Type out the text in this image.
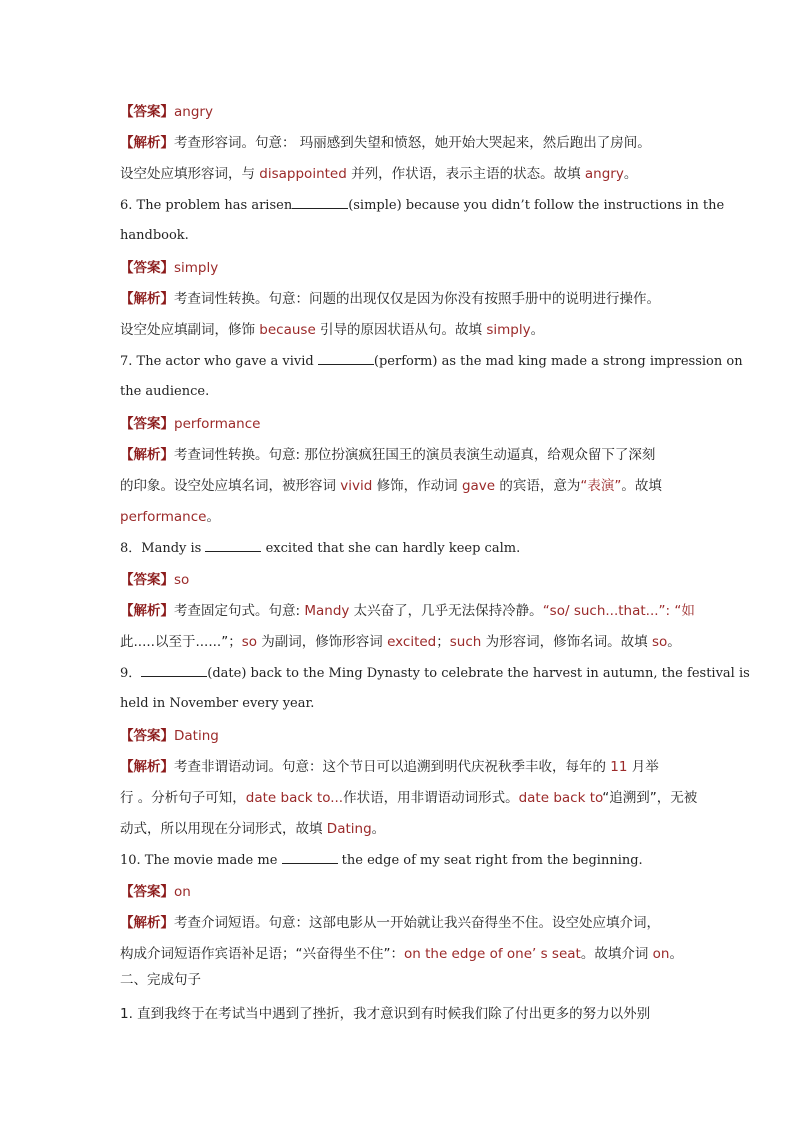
【答案】angry
【解析】考查形容词。句意： 玛丽感到失望和愤怒，她开始大哭起来，然后跑出了房间。
设空处应填形容词，与 disappointed 并列，作状语，表示主语的状态。故填 angry。
6. The problem has arisen	(simple) because you didn’t follow the instructions in the
handbook.
【答案】simply
【解析】考查词性转换。句意：问题的出现仅仅是因为你没有按照手册中的说明进行操作。
设空处应填副词，修饰 because 引导的原因状语从句。故填 simply。
7. The actor who gave a vivid	(perform) as the mad king made a strong impression on
the audience.
【答案】performance
【解析】考查词性转换。句意: 那位扮演疯狂国王的演员表演生动逼真，给观众留下了深刻
的印象。设空处应填名词，被形容词 vivid 修饰，作动词 gave 的宾语，意为“表演”。故填
performance。
8．Mandy is	excited that she can hardly keep calm.
【答案】so
【解析】考查固定句式。句意: Mandy 太兴奋了，几乎无法保持冷静。“so/ such...that...”: “如
此.....以至于......”；so 为副词，修饰形容词 excited；such 为形容词，修饰名词。故填 so。
9．	(date) back to the Ming Dynasty to celebrate the harvest in autumn, the festival is
held in November every year.
【答案】Dating
【解析】考查非谓语动词。句意：这个节日可以追溯到明代庆祝秋季丰收，每年的 11 月举
行 。分析句子可知，date back to...作状语，用非谓语动词形式。date back to“追溯到”，无被
动式，所以用现在分词形式，故填 Dating。
10. The movie made me	the edge of my seat right from the beginning.
【答案】on
【解析】考查介词短语。句意：这部电影从一开始就让我兴奋得坐不住。设空处应填介词，
构成介词短语作宾语补足语；“兴奋得坐不住”：on the edge of one’ s seat。故填介词 on。
二、完成句子
1. 直到我终于在考试当中遇到了挫折，我才意识到有时候我们除了付出更多的努力以外别
